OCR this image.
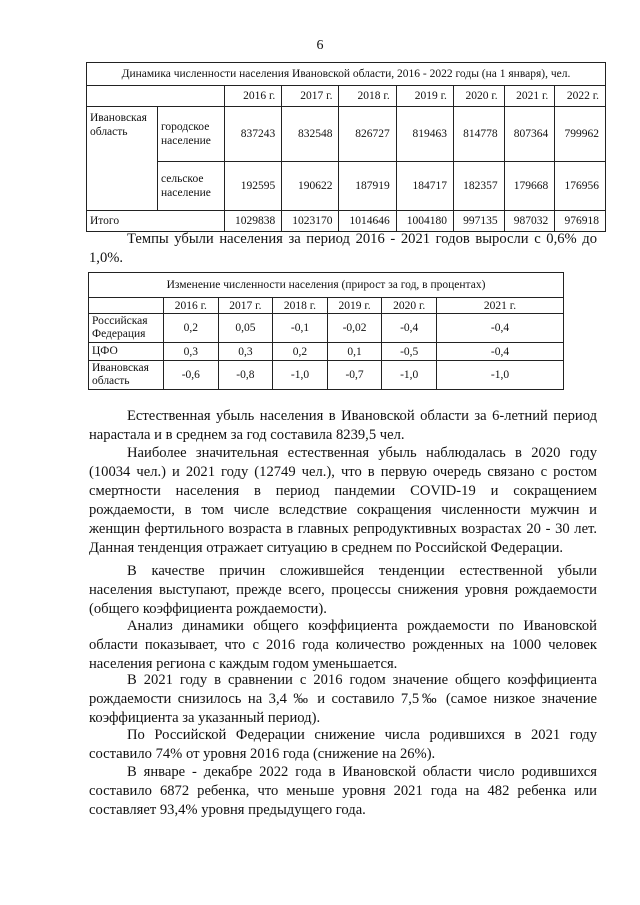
6
Динамика численности населения Ивановской области, 2016 - 2022 годы (на 1 января), чел.								
		2016 г.	2017 г.	2018 г.	2019 г.	2020 г.	2021 г.	2022 г.
Ивановская область	городское население	837243	832548	826727	819463	814778	807364	799962
	сельское население	192595	190622	187919	184717	182357	179668	176956
Итого		1029838	1023170	1014646	1004180	997135	987032	976918

Темпы убыли населения за период 2016 - 2021 годов выросли с 0,6% до 1,0%.

Изменение численности населения (прирост за год, в процентах)						
	2016 г.	2017 г.	2018 г.	2019 г.	2020 г.	2021 г.
Российская Федерация	0,2	0,05	-0,1	-0,02	-0,4	-0,4
ЦФО	0,3	0,3	0,2	0,1	-0,5	-0,4
Ивановская область	-0,6	-0,8	-1,0	-0,7	-1,0	-1,0

Естественная убыль населения в Ивановской области за 6-летний период нарастала и в среднем за год составила 8239,5 чел.

Наиболее значительная естественная убыль наблюдалась в 2020 году (10034 чел.) и 2021 году (12749 чел.), что в первую очередь связано с ростом смертности населения в период пандемии COVID-19 и сокращением рождаемости, в том числе вследствие сокращения численности мужчин и женщин фертильного возраста в главных репродуктивных возрастах 20 - 30 лет. Данная тенденция отражает ситуацию в среднем по Российской Федерации.

В качестве причин сложившейся тенденции естественной убыли населения выступают, прежде всего, процессы снижения уровня рождаемости (общего коэффициента рождаемости).

Анализ динамики общего коэффициента рождаемости по Ивановской области показывает, что с 2016 года количество рожденных на 1000 человек населения региона с каждым годом уменьшается.

В 2021 году в сравнении с 2016 годом значение общего коэффициента рождаемости снизилось на 3,4 ‰ и составило 7,5‰ (самое низкое значение коэффициента за указанный период).

По Российской Федерации снижение числа родившихся в 2021 году составило 74% от уровня 2016 года (снижение на 26%).

В январе - декабре 2022 года в Ивановской области число родившихся составило 6872 ребенка, что меньше уровня 2021 года на 482 ребенка или составляет 93,4% уровня предыдущего года.
